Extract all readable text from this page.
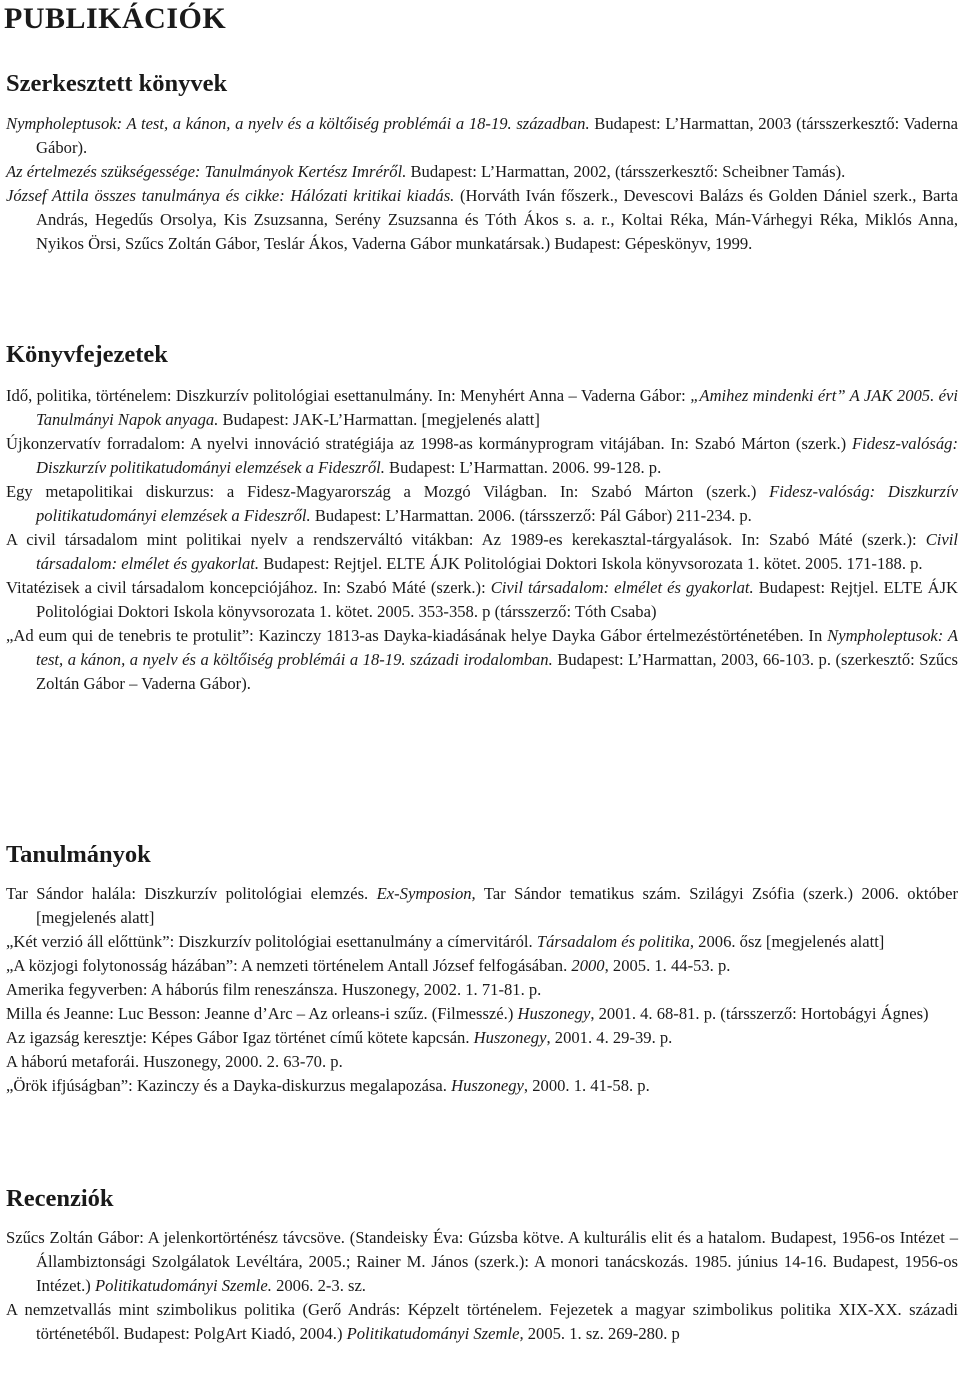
PUBLIKÁCIÓK
Szerkesztett könyvek

Nympholeptusok: A test, a kánon, a nyelv és a költőiség problémái a 18-19. században. Budapest: L’Harmattan, 2003 (társszerkesztő: Vaderna Gábor).

Az értelmezés szükségessége: Tanulmányok Kertész Imréről. Budapest: L’Harmattan, 2002, (társszerkesztő: Scheibner Tamás).

József Attila összes tanulmánya és cikke: Hálózati kritikai kiadás. (Horváth Iván főszerk., Devescovi Balázs és Golden Dániel szerk., Barta András, Hegedűs Orsolya, Kis Zsuzsanna, Serény Zsuzsanna és Tóth Ákos s. a. r., Koltai Réka, Mán-Várhegyi Réka, Miklós Anna, Nyikos Örsi, Szűcs Zoltán Gábor, Teslár Ákos, Vaderna Gábor munkatársak.) Budapest: Gépeskönyv, 1999.

Könyvfejezetek

Idő, politika, történelem: Diszkurzív politológiai esettanulmány. In: Menyhért Anna – Vaderna Gábor: „Amihez mindenki ért” A JAK 2005. évi Tanulmányi Napok anyaga. Budapest: JAK-L’Harmattan. [megjelenés alatt]

Újkonzervatív forradalom: A nyelvi innováció stratégiája az 1998-as kormányprogram vitájában. In: Szabó Márton (szerk.) Fidesz-valóság: Diszkurzív politikatudományi elemzések a Fideszről. Budapest: L’Harmattan. 2006. 99-128. p.

Egy metapolitikai diskurzus: a Fidesz-Magyarország a Mozgó Világban. In: Szabó Márton (szerk.) Fidesz-valóság: Diszkurzív politikatudományi elemzések a Fideszről. Budapest: L’Harmattan. 2006. (társszerző: Pál Gábor) 211-234. p.

A civil társadalom mint politikai nyelv a rendszerváltó vitákban: Az 1989-es kerekasztal-tárgyalások. In: Szabó Máté (szerk.): Civil társadalom: elmélet és gyakorlat. Budapest: Rejtjel. ELTE ÁJK Politológiai Doktori Iskola könyvsorozata 1. kötet. 2005. 171-188. p.

Vitatézisek a civil társadalom koncepciójához. In: Szabó Máté (szerk.): Civil társadalom: elmélet és gyakorlat. Budapest: Rejtjel. ELTE ÁJK Politológiai Doktori Iskola könyvsorozata 1. kötet. 2005. 353-358. p (társszerző: Tóth Csaba)

„Ad eum qui de tenebris te protulit”: Kazinczy 1813-as Dayka-kiadásának helye Dayka Gábor értelmezéstörténetében. In Nympholeptusok: A test, a kánon, a nyelv és a költőiség problémái a 18-19. századi irodalomban. Budapest: L’Harmattan, 2003, 66-103. p. (szerkesztő: Szűcs Zoltán Gábor – Vaderna Gábor).

Tanulmányok

Tar Sándor halála: Diszkurzív politológiai elemzés. Ex-Symposion, Tar Sándor tematikus szám. Szilágyi Zsófia (szerk.) 2006. október [megjelenés alatt]

„Két verzió áll előttünk”: Diszkurzív politológiai esettanulmány a címervitáról. Társadalom és politika, 2006. ősz [megjelenés alatt]

„A közjogi folytonosság házában”: A nemzeti történelem Antall József felfogásában. 2000, 2005. 1. 44-53. p.

Amerika fegyverben: A háborús film reneszánsza. Huszonegy, 2002. 1. 71-81. p.

Milla és Jeanne: Luc Besson: Jeanne d’Arc – Az orleans-i szűz. (Filmesszé.) Huszonegy, 2001. 4. 68-81. p. (társszerző: Hortobágyi Ágnes)

Az igazság keresztje: Képes Gábor Igaz történet című kötete kapcsán. Huszonegy, 2001. 4. 29-39. p.

A háború metaforái. Huszonegy, 2000. 2. 63-70. p.

„Örök ifjúságban”: Kazinczy és a Dayka-diskurzus megalapozása. Huszonegy, 2000. 1. 41-58. p.

Recenziók

Szűcs Zoltán Gábor: A jelenkortörténész távcsöve. (Standeisky Éva: Gúzsba kötve. A kulturális elit és a hatalom. Budapest, 1956-os Intézet – Állambiztonsági Szolgálatok Levéltára, 2005.; Rainer M. János (szerk.): A monori tanácskozás. 1985. június 14-16. Budapest, 1956-os Intézet.) Politikatudományi Szemle. 2006. 2-3. sz.

A nemzetvallás mint szimbolikus politika (Gerő András: Képzelt történelem. Fejezetek a magyar szimbolikus politika XIX-XX. századi történetéből. Budapest: PolgArt Kiadó, 2004.) Politikatudományi Szemle, 2005. 1. sz. 269-280. p
